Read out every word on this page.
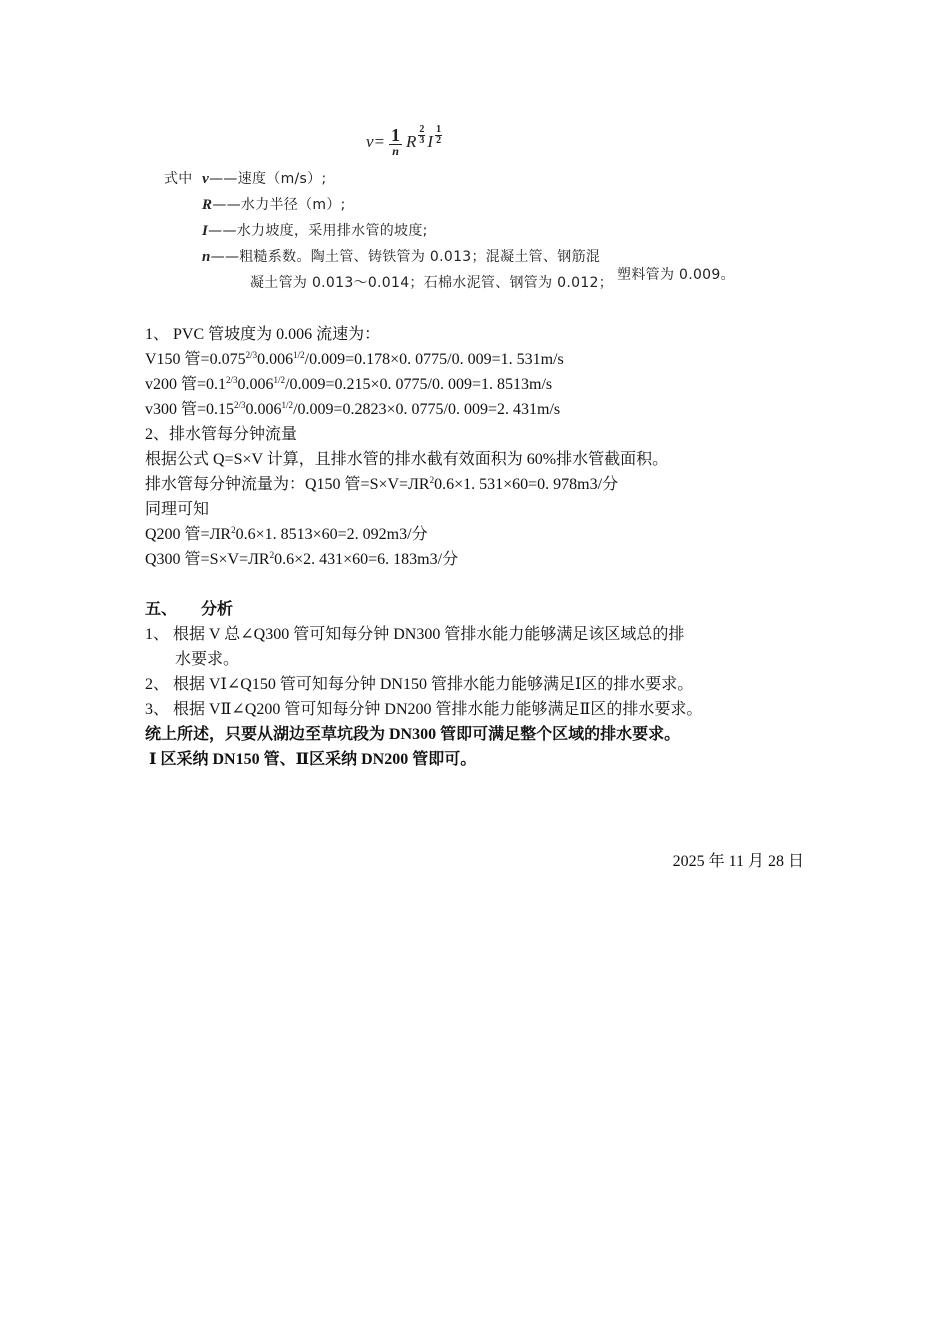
$v= \frac{1}{n}$ R $\frac{2}{3}$ I $\frac{1}{2}$
式中 v——速度（m/s）;
R——水力半径（m）;
I——水力坡度，采用排水管的坡度;
n——粗糙系数。陶土管、铸铁管为 0.013；混凝土管、钢筋混
凝土管为 0.013～0.014；石棉水泥管、钢管为 0.012； 塑料管为 0.009。
1、 PVC 管坡度为 0.006 流速为：
V150 管$=0.075^{2/3}0.006^{1/2}/0.009=0.178\times 0$. 0775/0. 009=1. 531m/s
v200 管$=0.1^{2/3}0.006^{1/2}/0.009=0.215\times 0$. 0775/0. 009=1. 8513m/s
v300 管$=0.15^{2/3}0.006^{1/2}/0.009=0.2823\times 0$. 0775/0. 009=2. 431m/s
2、排水管每分钟流量
根据公式 Q=S×V 计算，且排水管的排水截有效面积为 60%排水管截面积。
排水管每分钟流量为：Q150 管$=S\times V=ЛR^20.6\times 1$. 531×60=0. 978m3/分
同理可知
Q200 管$=ЛR^20.6\times 1$. 8513×60=2. 092m3/分
Q300 管$=S\times V=ЛR^20.6\times 2$. 431×60=6. 183m3/分
五、      分析
1、 根据 V 总∠Q300 管可知每分钟 DN300 管排水能力能够满足该区域总的排
水要求。
2、 根据 VⅠ∠Q150 管可知每分钟 DN150 管排水能力能够满足Ⅰ区的排水要求。
3、 根据 VⅡ∠Q200 管可知每分钟 DN200 管排水能力能够满足Ⅱ区的排水要求。
统上所述，只要从湖边至草坑段为 DN300 管即可满足整个区域的排水要求。
Ⅰ 区采纳 DN150 管、Ⅱ区采纳 DN200 管即可。
2025 年 11 月 28 日
